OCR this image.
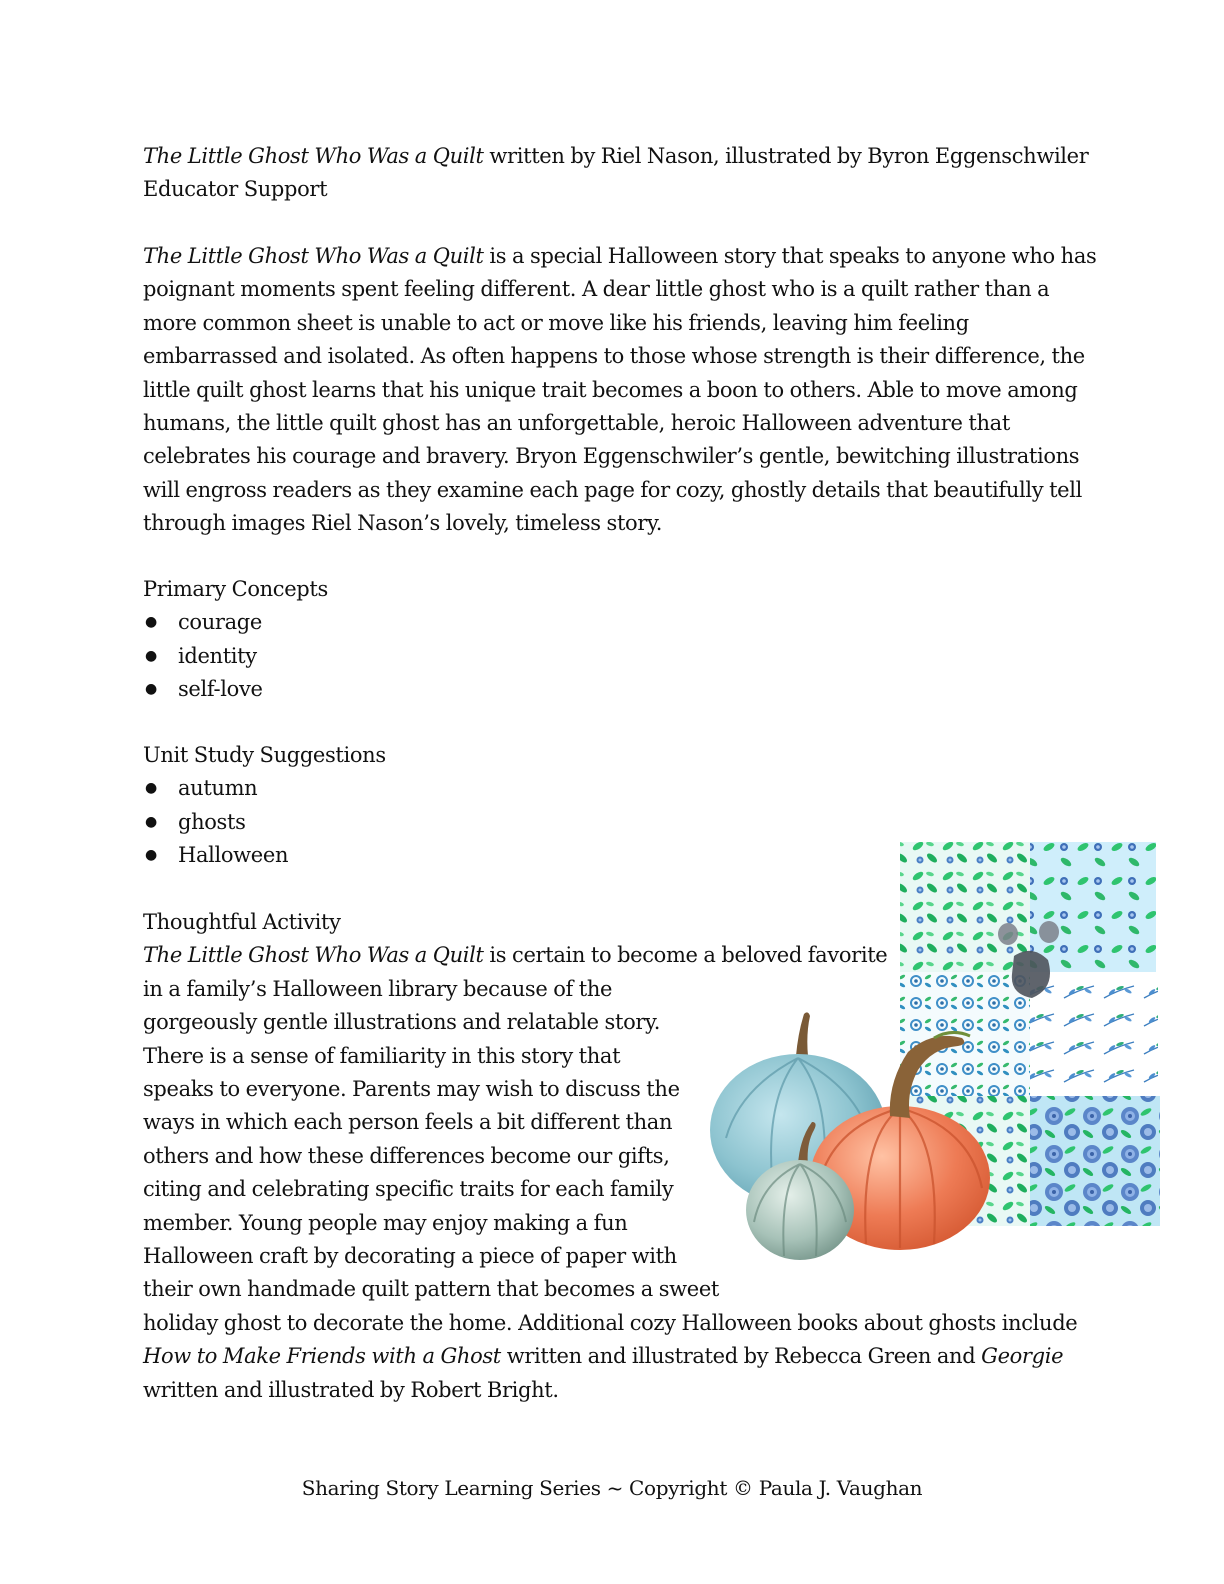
The Little Ghost Who Was a Quilt written by Riel Nason, illustrated by Byron Eggenschwiler
Educator Support
The Little Ghost Who Was a Quilt is a special Halloween story that speaks to anyone who has
poignant moments spent feeling different. A dear little ghost who is a quilt rather than a
more common sheet is unable to act or move like his friends, leaving him feeling
embarrassed and isolated. As often happens to those whose strength is their difference, the
little quilt ghost learns that his unique trait becomes a boon to others. Able to move among
humans, the little quilt ghost has an unforgettable, heroic Halloween adventure that
celebrates his courage and bravery. Bryon Eggenschwiler’s gentle, bewitching illustrations
will engross readers as they examine each page for cozy, ghostly details that beautifully tell
through images Riel Nason’s lovely, timeless story.
Primary Concepts
● courage
● identity
● self-love
Unit Study Suggestions
● autumn
● ghosts
● Halloween
Thoughtful Activity
The Little Ghost Who Was a Quilt is certain to become a beloved favorite
in a family’s Halloween library because of the
gorgeously gentle illustrations and relatable story.
There is a sense of familiarity in this story that
speaks to everyone. Parents may wish to discuss the
ways in which each person feels a bit different than
others and how these differences become our gifts,
citing and celebrating specific traits for each family
member. Young people may enjoy making a fun
Halloween craft by decorating a piece of paper with
their own handmade quilt pattern that becomes a sweet
holiday ghost to decorate the home. Additional cozy Halloween books about ghosts include
How to Make Friends with a Ghost written and illustrated by Rebecca Green and Georgie
written and illustrated by Robert Bright.
Sharing Story Learning Series ~ Copyright © Paula J. Vaughan
